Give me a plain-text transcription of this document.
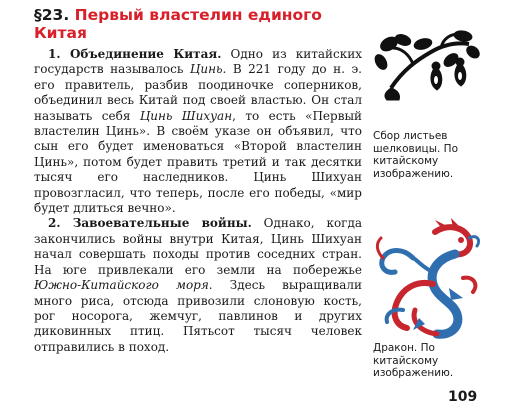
§23. Первый властелин единого Китая

1. Объединение Китая. Одно из китайских государств называлось Цинь. В 221 году до н. э. его правитель, разбив поодиночке соперников, объединил весь Китай под своей властью. Он стал называть себя Цинь Шихуан, то есть «Первый властелин Цинь». В своём указе он объявил, что сын его будет именоваться «Второй властелин Цинь», потом будет править третий и так десятки тысяч его наследников. Цинь Шихуан провозгласил, что теперь, после его победы, «мир будет длиться вечно».

2. Завоевательные войны. Однако, когда закончились войны внутри Китая, Цинь Шихуан начал совершать походы против соседних стран. На юге привлекали его земли на побережье Южно-Китайского моря. Здесь выращивали много риса, отсюда привозили слоновую кость, рог носорога, жемчуг, павлинов и других диковинных птиц. Пятьсот тысяч человек отправились в поход.

Сбор листьев шелковицы. По китайскому изображению.

Дракон. По китайскому изображению.

109
